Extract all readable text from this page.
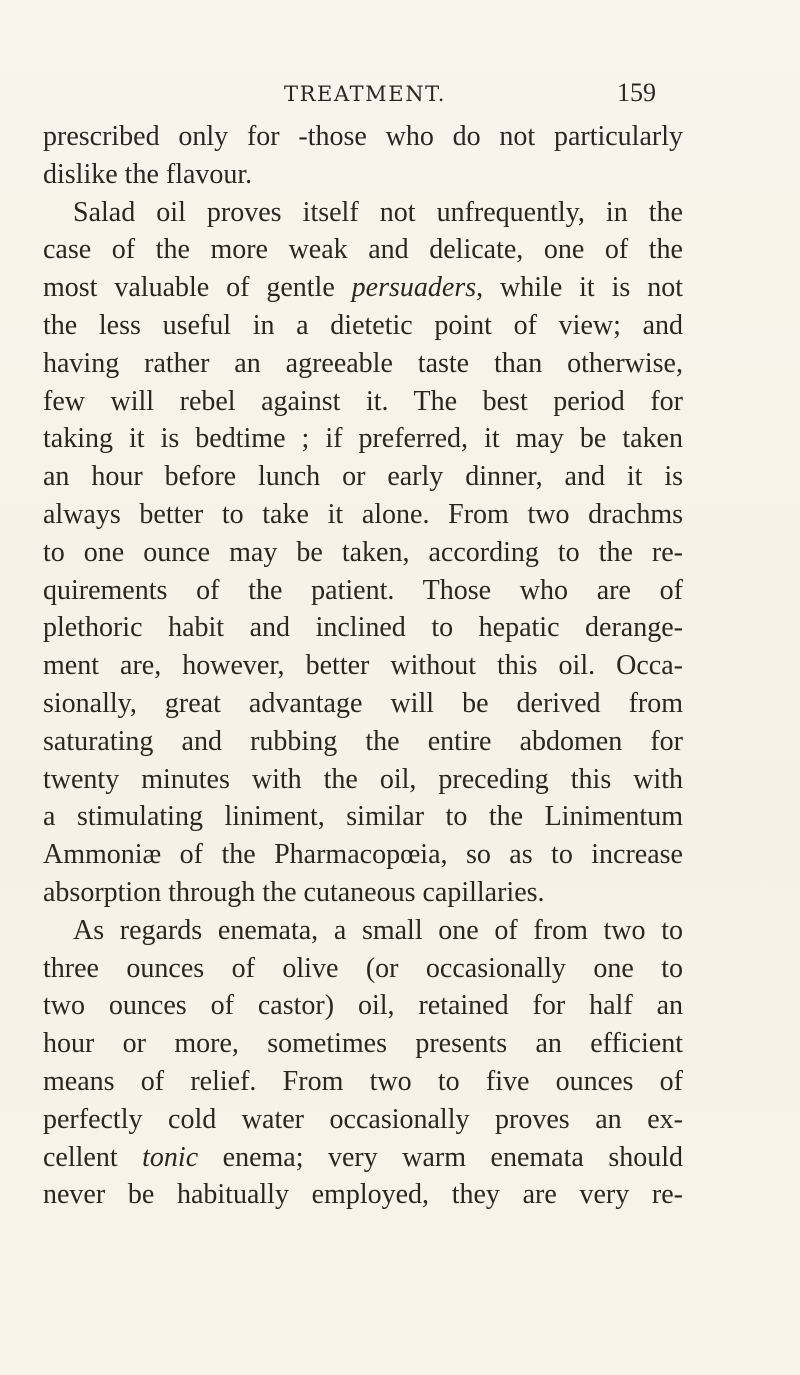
TREATMENT.	159
prescribed only for -those who do not particularly
dislike the flavour.
Salad oil proves itself not unfrequently, in the
case of the more weak and delicate, one of the
most valuable of gentle persuaders, while it is not
the less useful in a dietetic point of view; and
having rather an agreeable taste than otherwise,
few will rebel against it. The best period for
taking it is bedtime ; if preferred, it may be taken
an hour before lunch or early dinner, and it is
always better to take it alone. From two drachms
to one ounce may be taken, according to the re-
quirements of the patient. Those who are of
plethoric habit and inclined to hepatic derange-
ment are, however, better without this oil. Occa-
sionally, great advantage will be derived from
saturating and rubbing the entire abdomen for
twenty minutes with the oil, preceding this with
a stimulating liniment, similar to the Linimentum
Ammoniæ of the Pharmacopœia, so as to increase
absorption through the cutaneous capillaries.
As regards enemata, a small one of from two to
three ounces of olive (or occasionally one to
two ounces of castor) oil, retained for half an
hour or more, sometimes presents an efficient
means of relief. From two to five ounces of
perfectly cold water occasionally proves an ex-
cellent tonic enema; very warm enemata should
never be habitually employed, they are very re-
